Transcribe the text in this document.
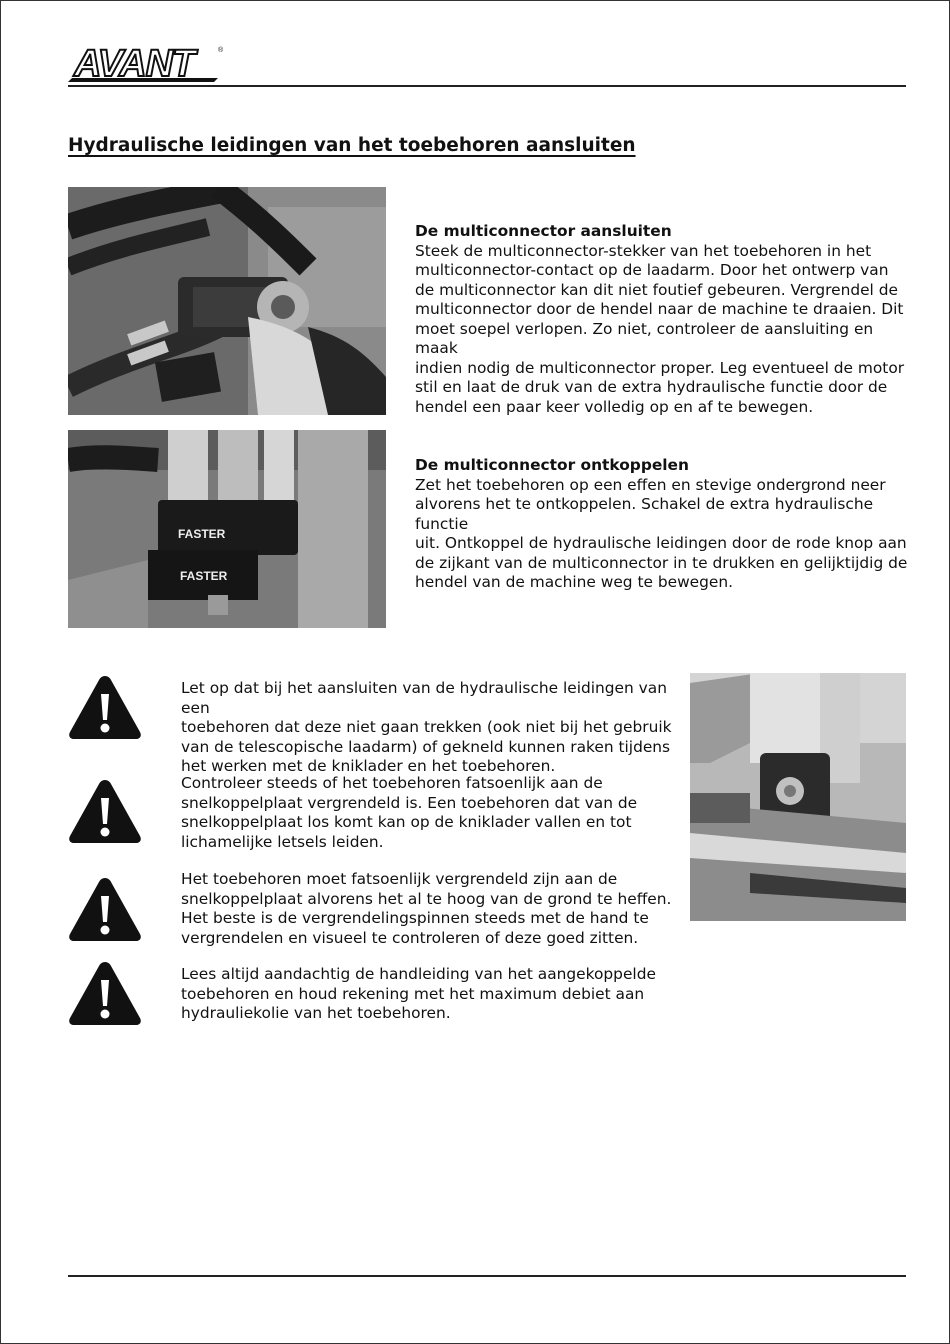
AVANT	®
Hydraulische leidingen van het toebehoren aansluiten
FASTER
FASTER
De multiconnector aansluiten

Steek de multiconnector-stekker van het toebehoren in het
multiconnector-contact op de laadarm. Door het ontwerp van
de multiconnector kan dit niet foutief gebeuren. Vergrendel de
multiconnector door de hendel naar de machine te draaien. Dit
moet soepel verlopen. Zo niet, controleer de aansluiting en maak
indien nodig de multiconnector proper. Leg eventueel de motor
stil en laat de druk van de extra hydraulische functie door de
hendel een paar keer volledig op en af te bewegen.

De multiconnector ontkoppelen

Zet het toebehoren op een effen en stevige ondergrond neer
alvorens het te ontkoppelen. Schakel de extra hydraulische functie
uit. Ontkoppel de hydraulische leidingen door de rode knop aan
de zijkant van de multiconnector in te drukken en gelijktijdig de
hendel van de machine weg te bewegen.

Let op dat bij het aansluiten van de hydraulische leidingen van een
toebehoren dat deze niet gaan trekken (ook niet bij het gebruik
van de telescopische laadarm) of gekneld kunnen raken tijdens
het werken met de kniklader en het toebehoren.

Controleer steeds of het toebehoren fatsoenlijk aan de
snelkoppelplaat vergrendeld is. Een toebehoren dat van de
snelkoppelplaat los komt kan op de kniklader vallen en tot
lichamelijke letsels leiden.

Het toebehoren moet fatsoenlijk vergrendeld zijn aan de
snelkoppelplaat alvorens het al te hoog van de grond te heffen.
Het beste is de vergrendelingspinnen steeds met de hand te
vergrendelen en visueel te controleren of deze goed zitten.

Lees altijd aandachtig de handleiding van het aangekoppelde
toebehoren en houd rekening met het maximum debiet aan
hydrauliekolie van het toebehoren.
